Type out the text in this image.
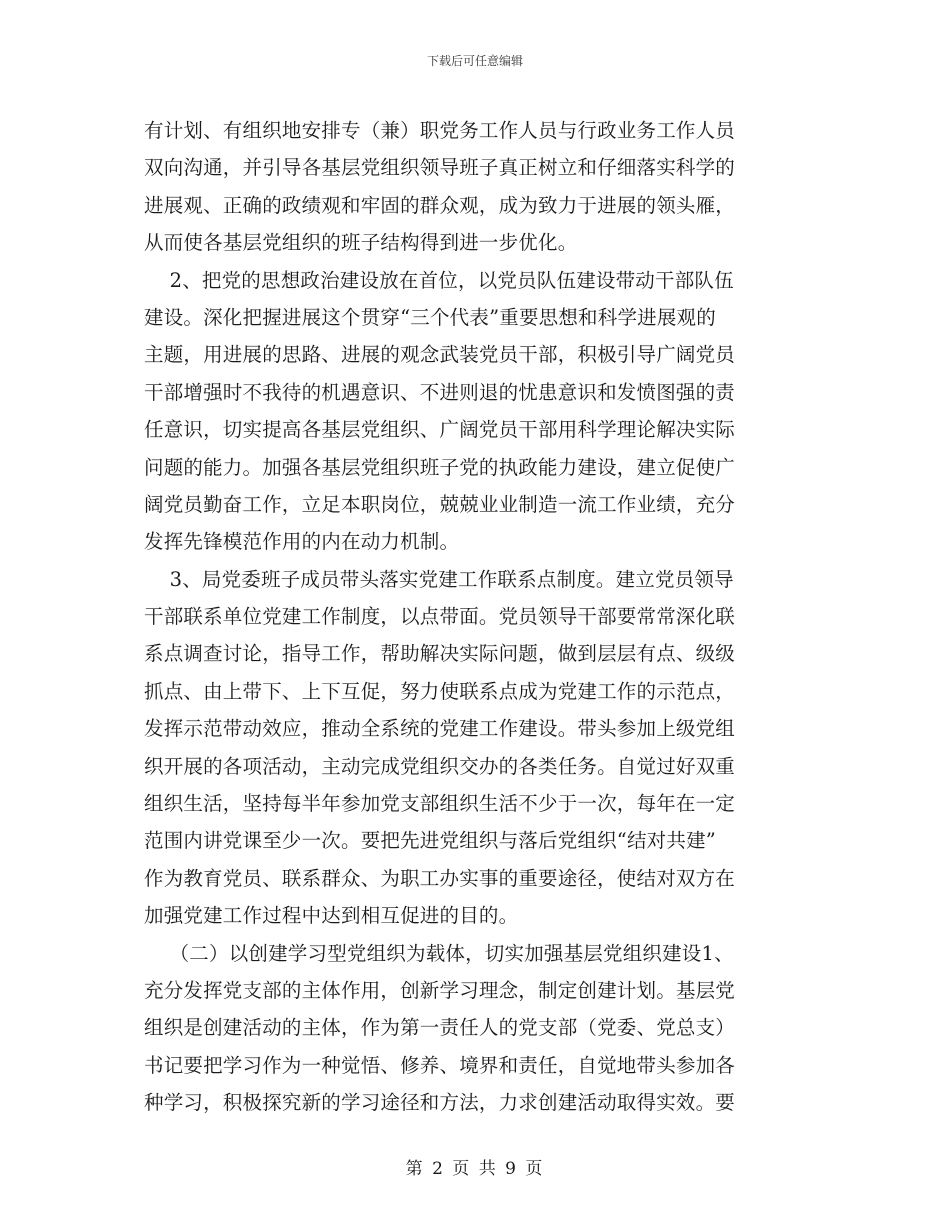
下载后可任意编辑
有计划、有组织地安排专（兼）职党务工作人员与行政业务工作人员
双向沟通，并引导各基层党组织领导班子真正树立和仔细落实科学的
进展观、正确的政绩观和牢固的群众观，成为致力于进展的领头雁，
从而使各基层党组织的班子结构得到进一步优化。
2、把党的思想政治建设放在首位，以党员队伍建设带动干部队伍
建设。深化把握进展这个贯穿“三个代表”重要思想和科学进展观的
主题，用进展的思路、进展的观念武装党员干部，积极引导广阔党员
干部增强时不我待的机遇意识、不进则退的忧患意识和发愤图强的责
任意识，切实提高各基层党组织、广阔党员干部用科学理论解决实际
问题的能力。加强各基层党组织班子党的执政能力建设，建立促使广
阔党员勤奋工作，立足本职岗位，兢兢业业制造一流工作业绩，充分
发挥先锋模范作用的内在动力机制。
3、局党委班子成员带头落实党建工作联系点制度。建立党员领导
干部联系单位党建工作制度，以点带面。党员领导干部要常常深化联
系点调查讨论，指导工作，帮助解决实际问题，做到层层有点、级级
抓点、由上带下、上下互促，努力使联系点成为党建工作的示范点，
发挥示范带动效应，推动全系统的党建工作建设。带头参加上级党组
织开展的各项活动，主动完成党组织交办的各类任务。自觉过好双重
组织生活，坚持每半年参加党支部组织生活不少于一次，每年在一定
范围内讲党课至少一次。要把先进党组织与落后党组织“结对共建”
作为教育党员、联系群众、为职工办实事的重要途径，使结对双方在
加强党建工作过程中达到相互促进的目的。
（二）以创建学习型党组织为载体，切实加强基层党组织建设1、
充分发挥党支部的主体作用，创新学习理念，制定创建计划。基层党
组织是创建活动的主体，作为第一责任人的党支部（党委、党总支）
书记要把学习作为一种觉悟、修养、境界和责任，自觉地带头参加各
种学习，积极探究新的学习途径和方法，力求创建活动取得实效。要
第 2 页 共 9 页
